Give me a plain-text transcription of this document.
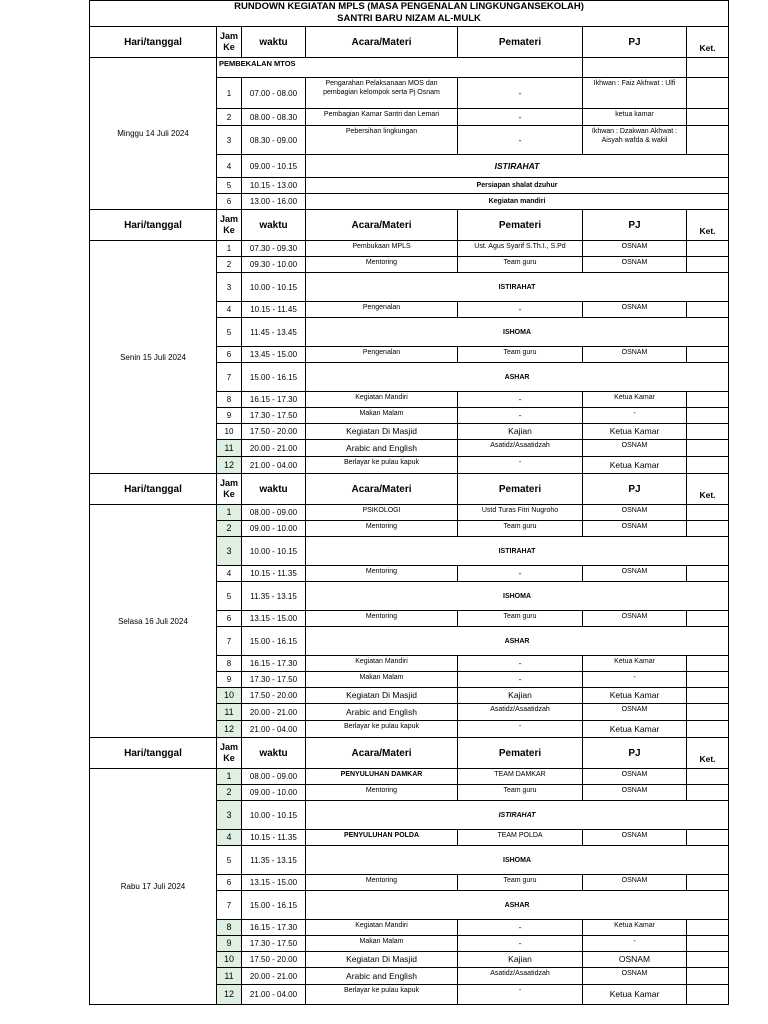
RUNDOWN KEGIATAN MPLS (MASA PENGENALAN LINGKUNGANSEKOLAH)							
SANTRI BARU NIZAM AL-MULK							
Hari/tanggal	Jam Ke	waktu	Acara/Materi	Pemateri	PJ	Ket.	
Minggu 14 Juli 2024	PEMBEKALAN MTOS						
	1	07.00 - 08.00	Pengarahan Pelaksanaan MOS dan pembagian kelompok serta Pj Osnam	-	Ikhwan : Faiz Akhwat : Ulfi		
	2	08.00 - 08.30	Pembagian Kamar Santri dan Lemari	-	ketua kamar		
	3	08.30 - 09.00	Pebersihan lingkungan	-	Ikhwan : Dzakwan Akhwat : Aisyah wafda & wakil		
	4	09.00 - 10.15	ISTIRAHAT				
	5	10.15 - 13.00	Persiapan shalat dzuhur				
	6	13.00 - 16.00	Kegiatan mandiri				
Hari/tanggal	Jam Ke	waktu	Acara/Materi	Pemateri	PJ	Ket.	
Senin 15 Juli 2024	1	07.30 - 09.30	Pembukaan MPLS	Ust. Agus Syarif S.Th.I., S.Pd	OSNAM		
	2	09.30 - 10.00	Mentoring	Team guru	OSNAM		
	3	10.00 - 10.15	ISTIRAHAT				
	4	10.15 - 11.45	Pengenalan	-	OSNAM		
	5	11.45 - 13.45	ISHOMA				
	6	13.45 - 15.00	Pengenalan	Team guru	OSNAM		
	7	15.00 - 16.15	ASHAR				
	8	16.15 - 17.30	Kegiatan Mandiri	-	Ketua Kamar		
	9	17.30 - 17.50	Makan Malam	-	-		
	10	17.50 - 20.00	Kegiatan Di Masjid	Kajian	Ketua Kamar		
	11	20.00 - 21.00	Arabic and English	Asatidz/Asaatidzah	OSNAM		
	12	21.00 - 04.00	Berlayar ke pulau kapuk	-	Ketua Kamar		
Hari/tanggal	Jam Ke	waktu	Acara/Materi	Pemateri	PJ	Ket.	
Selasa 16 Juli 2024	1	08.00 - 09.00	PSIKOLOGI	Ustd Turas Fitri Nugroho	OSNAM		
	2	09.00 - 10.00	Mentoring	Team guru	OSNAM		
	3	10.00 - 10.15	ISTIRAHAT				
	4	10.15 - 11.35	Mentoring	-	OSNAM		
	5	11.35 - 13.15	ISHOMA				
	6	13.15 - 15.00	Mentoring	Team guru	OSNAM		
	7	15.00 - 16.15	ASHAR				
	8	16.15 - 17.30	Kegiatan Mandiri	-	Ketua Kamar		
	9	17.30 - 17.50	Makan Malam	-	-		
	10	17.50 - 20.00	Kegiatan Di Masjid	Kajian	Ketua Kamar		
	11	20.00 - 21.00	Arabic and English	Asatidz/Asaatidzah	OSNAM		
	12	21.00 - 04.00	Berlayar ke pulau kapuk	-	Ketua Kamar		
Hari/tanggal	Jam Ke	waktu	Acara/Materi	Pemateri	PJ	Ket.	
Rabu 17 Juli 2024	1	08.00 - 09.00	PENYULUHAN DAMKAR	TEAM DAMKAR	OSNAM		
	2	09.00 - 10.00	Mentoring	Team guru	OSNAM		
	3	10.00 - 10.15	ISTIRAHAT				
	4	10.15 - 11.35	PENYULUHAN POLDA	TEAM POLDA	OSNAM		
	5	11.35 - 13.15	ISHOMA				
	6	13.15 - 15.00	Mentoring	Team guru	OSNAM		
	7	15.00 - 16.15	ASHAR				
	8	16.15 - 17.30	Kegiatan Mandiri	-	Ketua Kamar		
	9	17.30 - 17.50	Makan Malam	-	-		
	10	17.50 - 20.00	Kegiatan Di Masjid	Kajian	OSNAM		
	11	20.00 - 21.00	Arabic and English	Asatidz/Asaatidzah	OSNAM		
	12	21.00 - 04.00	Berlayar ke pulau kapuk	-	Ketua Kamar		
